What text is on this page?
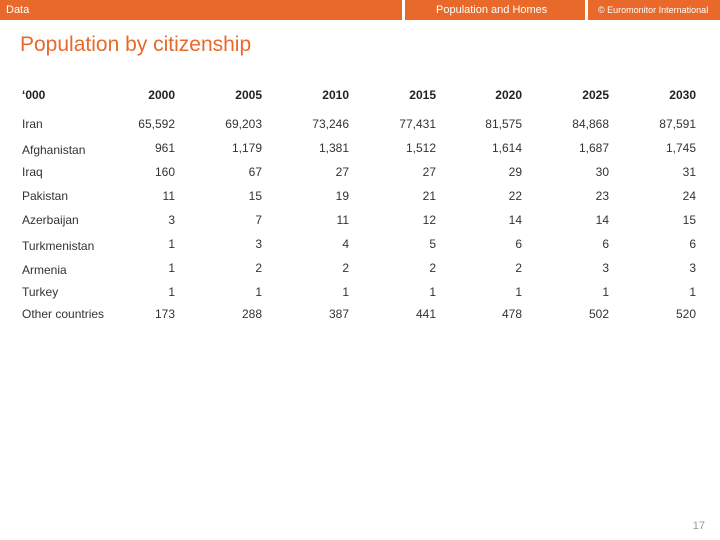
Data	Population and Homes	© Euromonitor International
Population by citizenship
‘000	2000	2005	2010	2015	2020	2025	2030
Iran	65,592	69,203	73,246	77,431	81,575	84,868	87,591
Afghanistan	961	1,179	1,381	1,512	1,614	1,687	1,745
Iraq	160	67	27	27	29	30	31
Pakistan	11	15	19	21	22	23	24
Azerbaijan	3	7	11	12	14	14	15
Turkmenistan	1	3	4	5	6	6	6
Armenia	1	2	2	2	2	3	3
Turkey	1	1	1	1	1	1	1
Other countries	173	288	387	441	478	502	520
17
